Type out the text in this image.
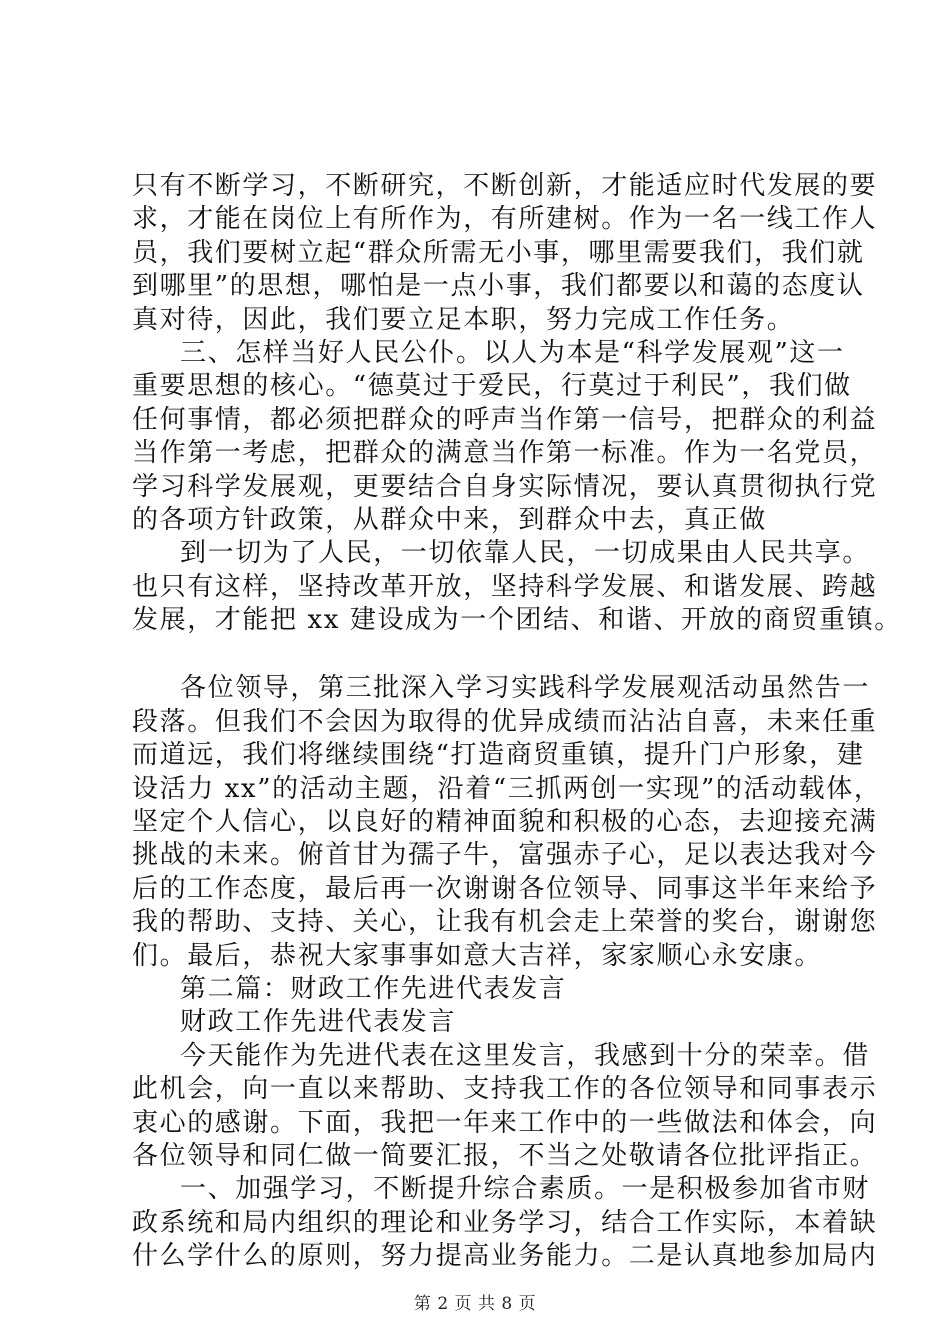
只有不断学习，不断研究，不断创新，才能适应时代发展的要
求，才能在岗位上有所作为，有所建树。作为一名一线工作人
员，我们要树立起“群众所需无小事，哪里需要我们，我们就
到哪里”的思想，哪怕是一点小事，我们都要以和蔼的态度认
真对待，因此，我们要立足本职，努力完成工作任务。
三、怎样当好人民公仆。以人为本是“科学发展观”这一
重要思想的核心。“德莫过于爱民，行莫过于利民”，我们做
任何事情，都必须把群众的呼声当作第一信号，把群众的利益
当作第一考虑，把群众的满意当作第一标准。作为一名党员，
学习科学发展观，更要结合自身实际情况，要认真贯彻执行党
的各项方针政策，从群众中来，到群众中去，真正做
到一切为了人民，一切依靠人民，一切成果由人民共享。
也只有这样，坚持改革开放，坚持科学发展、和谐发展、跨越
发展，才能把 xx 建设成为一个团结、和谐、开放的商贸重镇。
各位领导，第三批深入学习实践科学发展观活动虽然告一
段落。但我们不会因为取得的优异成绩而沾沾自喜，未来任重
而道远，我们将继续围绕“打造商贸重镇，提升门户形象，建
设活力 xx”的活动主题，沿着“三抓两创一实现”的活动载体，
坚定个人信心，以良好的精神面貌和积极的心态，去迎接充满
挑战的未来。俯首甘为孺子牛，富强赤子心，足以表达我对今
后的工作态度，最后再一次谢谢各位领导、同事这半年来给予
我的帮助、支持、关心，让我有机会走上荣誉的奖台，谢谢您
们。最后，恭祝大家事事如意大吉祥，家家顺心永安康。
第二篇：财政工作先进代表发言
财政工作先进代表发言
今天能作为先进代表在这里发言，我感到十分的荣幸。借
此机会，向一直以来帮助、支持我工作的各位领导和同事表示
衷心的感谢。下面，我把一年来工作中的一些做法和体会，向
各位领导和同仁做一简要汇报，不当之处敬请各位批评指正。
一、加强学习，不断提升综合素质。一是积极参加省市财
政系统和局内组织的理论和业务学习，结合工作实际，本着缺
什么学什么的原则，努力提高业务能力。二是认真地参加局内
第 2 页 共 8 页
